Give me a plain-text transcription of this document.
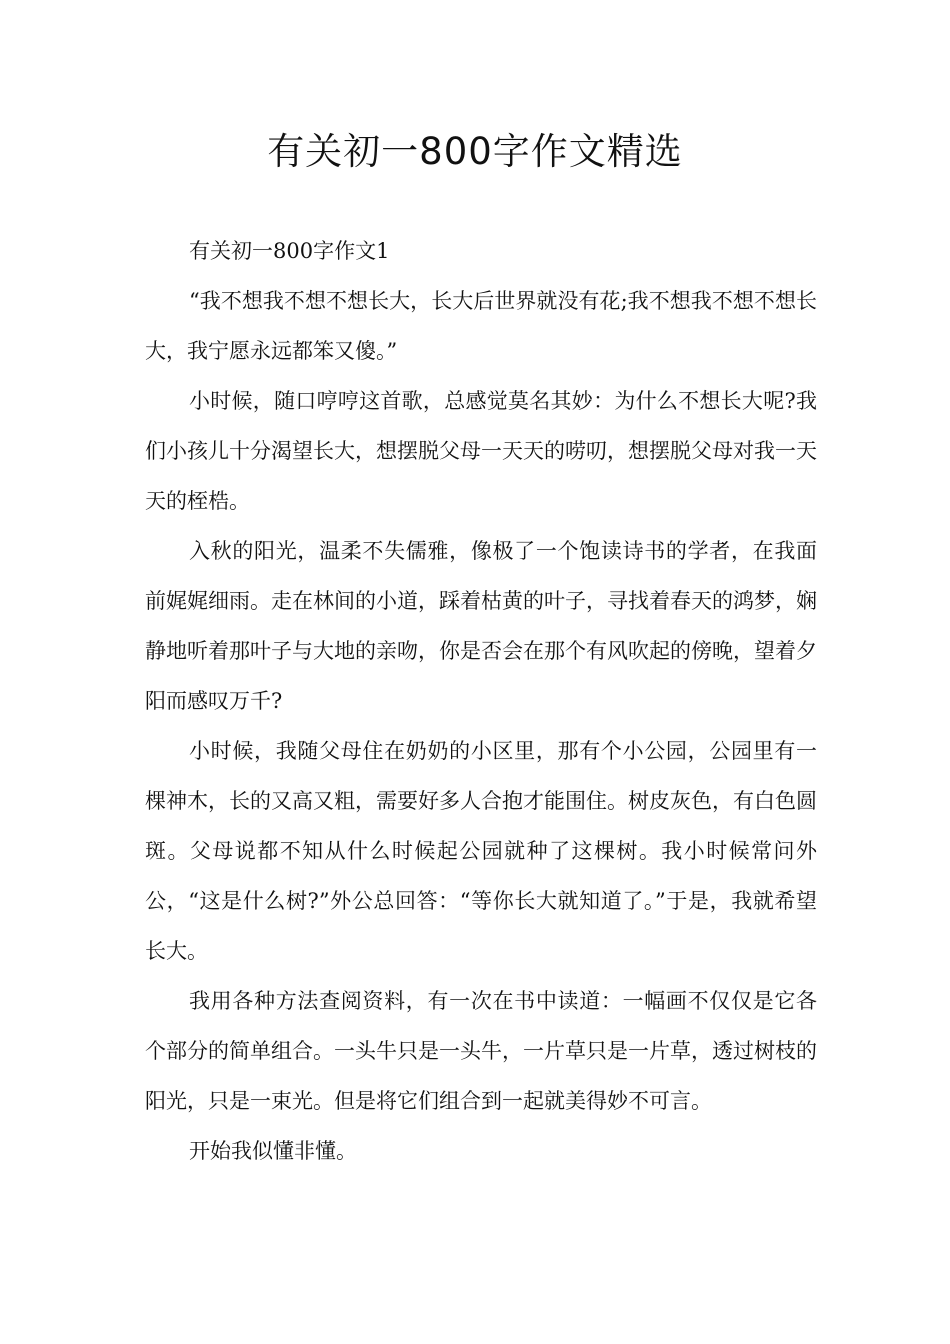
有关初一800字作文精选

有关初一800字作文1

“我不想我不想不想长大，长大后世界就没有花;我不想我不想不想长大，我宁愿永远都笨又傻。”

小时候，随口哼哼这首歌，总感觉莫名其妙：为什么不想长大呢?我们小孩儿十分渴望长大，想摆脱父母一天天的唠叨，想摆脱父母对我一天天的桎梏。

入秋的阳光，温柔不失儒雅，像极了一个饱读诗书的学者，在我面前娓娓细雨。走在林间的小道，踩着枯黄的叶子，寻找着春天的鸿梦，娴静地听着那叶子与大地的亲吻，你是否会在那个有风吹起的傍晚，望着夕阳而感叹万千?

小时候，我随父母住在奶奶的小区里，那有个小公园，公园里有一棵神木，长的又高又粗，需要好多人合抱才能围住。树皮灰色，有白色圆斑。父母说都不知从什么时候起公园就种了这棵树。我小时候常问外公，“这是什么树?”外公总回答：“等你长大就知道了。”于是，我就希望长大。

我用各种方法查阅资料，有一次在书中读道：一幅画不仅仅是它各个部分的简单组合。一头牛只是一头牛，一片草只是一片草，透过树枝的阳光，只是一束光。但是将它们组合到一起就美得妙不可言。

开始我似懂非懂。
